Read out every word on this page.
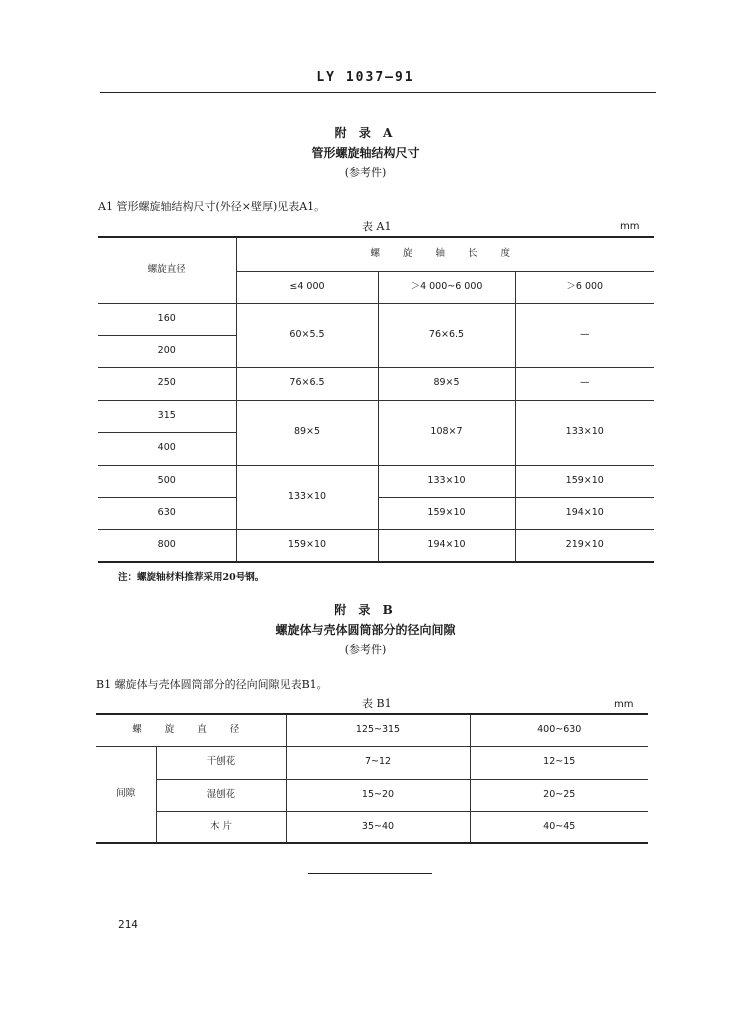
LY 1037—91
附 录 A
管形螺旋轴结构尺寸
(参考件)
A1 管形螺旋轴结构尺寸(外径×壁厚)见表A1。
表 A1	mm
螺旋直径	螺 旋 轴 长 度		
	≤4 000	＞4 000~6 000	＞6 000
160	60×5.5	76×6.5	—
200			
250	76×6.5	89×5	—
315	89×5	108×7	133×10
400			
500	133×10	133×10	159×10
630		159×10	194×10
800	159×10	194×10	219×10
注：螺旋轴材料推荐采用20号钢。
附 录 B
螺旋体与壳体圆筒部分的径向间隙
(参考件)
B1 螺旋体与壳体圆筒部分的径向间隙见表B1。
表 B1	mm
螺 旋 直 径		125~315	400~630
间隙	干刨花	7~12	12~15
	湿刨花	15~20	20~25
	木 片	35~40	40~45
214
